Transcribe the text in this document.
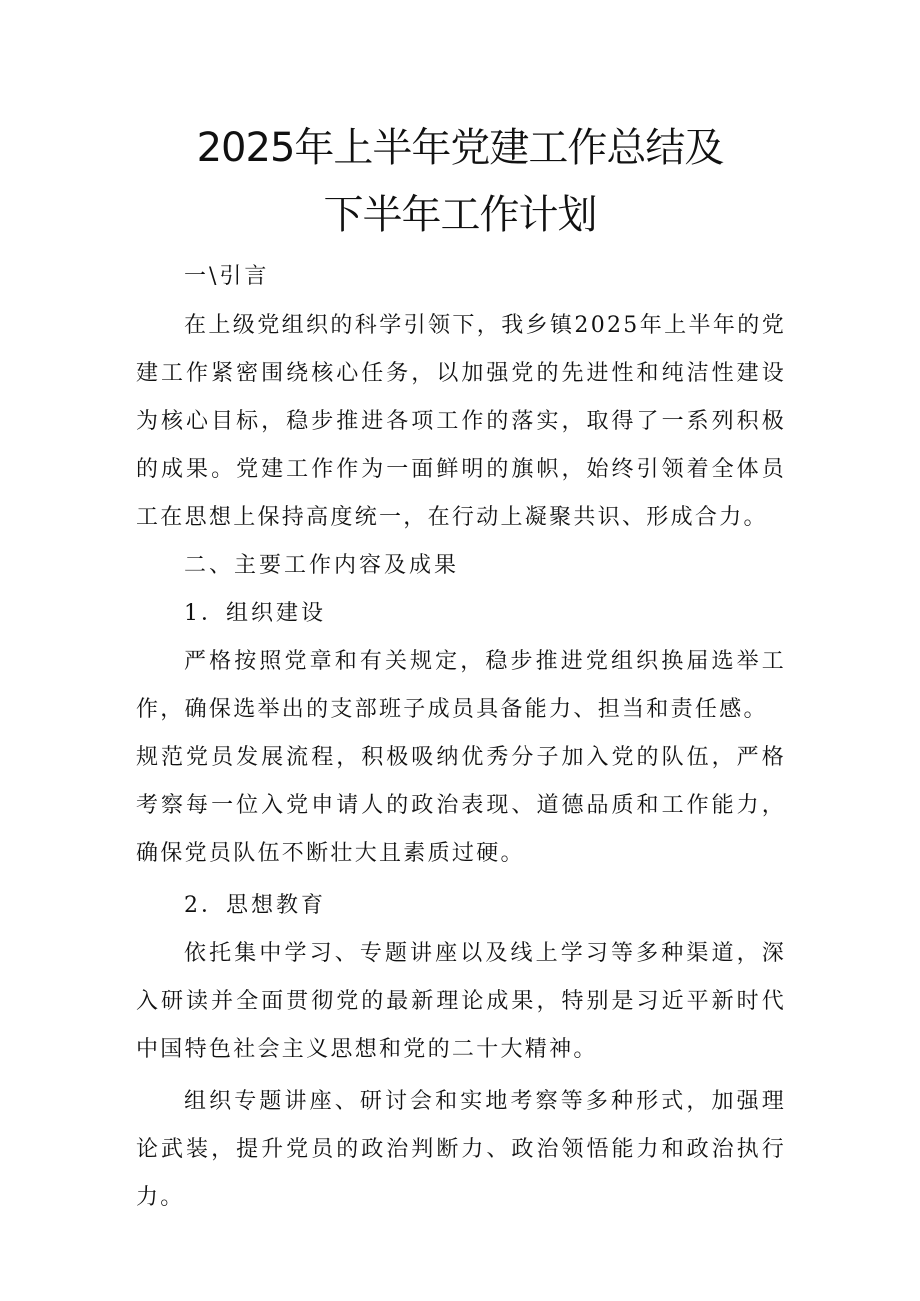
2025年上半年党建工作总结及
下半年工作计划

一\引言

在上级党组织的科学引领下，我乡镇2025年上半年的党建工作紧密围绕核心任务，以加强党的先进性和纯洁性建设为核心目标，稳步推进各项工作的落实，取得了一系列积极的成果。党建工作作为一面鲜明的旗帜，始终引领着全体员工在思想上保持高度统一，在行动上凝聚共识、形成合力。

二、主要工作内容及成果

1．组织建设

严格按照党章和有关规定，稳步推进党组织换届选举工作，确保选举出的支部班子成员具备能力、担当和责任感。

规范党员发展流程，积极吸纳优秀分子加入党的队伍，严格考察每一位入党申请人的政治表现、道德品质和工作能力，确保党员队伍不断壮大且素质过硬。

2．思想教育

依托集中学习、专题讲座以及线上学习等多种渠道，深入研读并全面贯彻党的最新理论成果，特别是习近平新时代中国特色社会主义思想和党的二十大精神。

组织专题讲座、研讨会和实地考察等多种形式，加强理论武装，提升党员的政治判断力、政治领悟能力和政治执行力。
